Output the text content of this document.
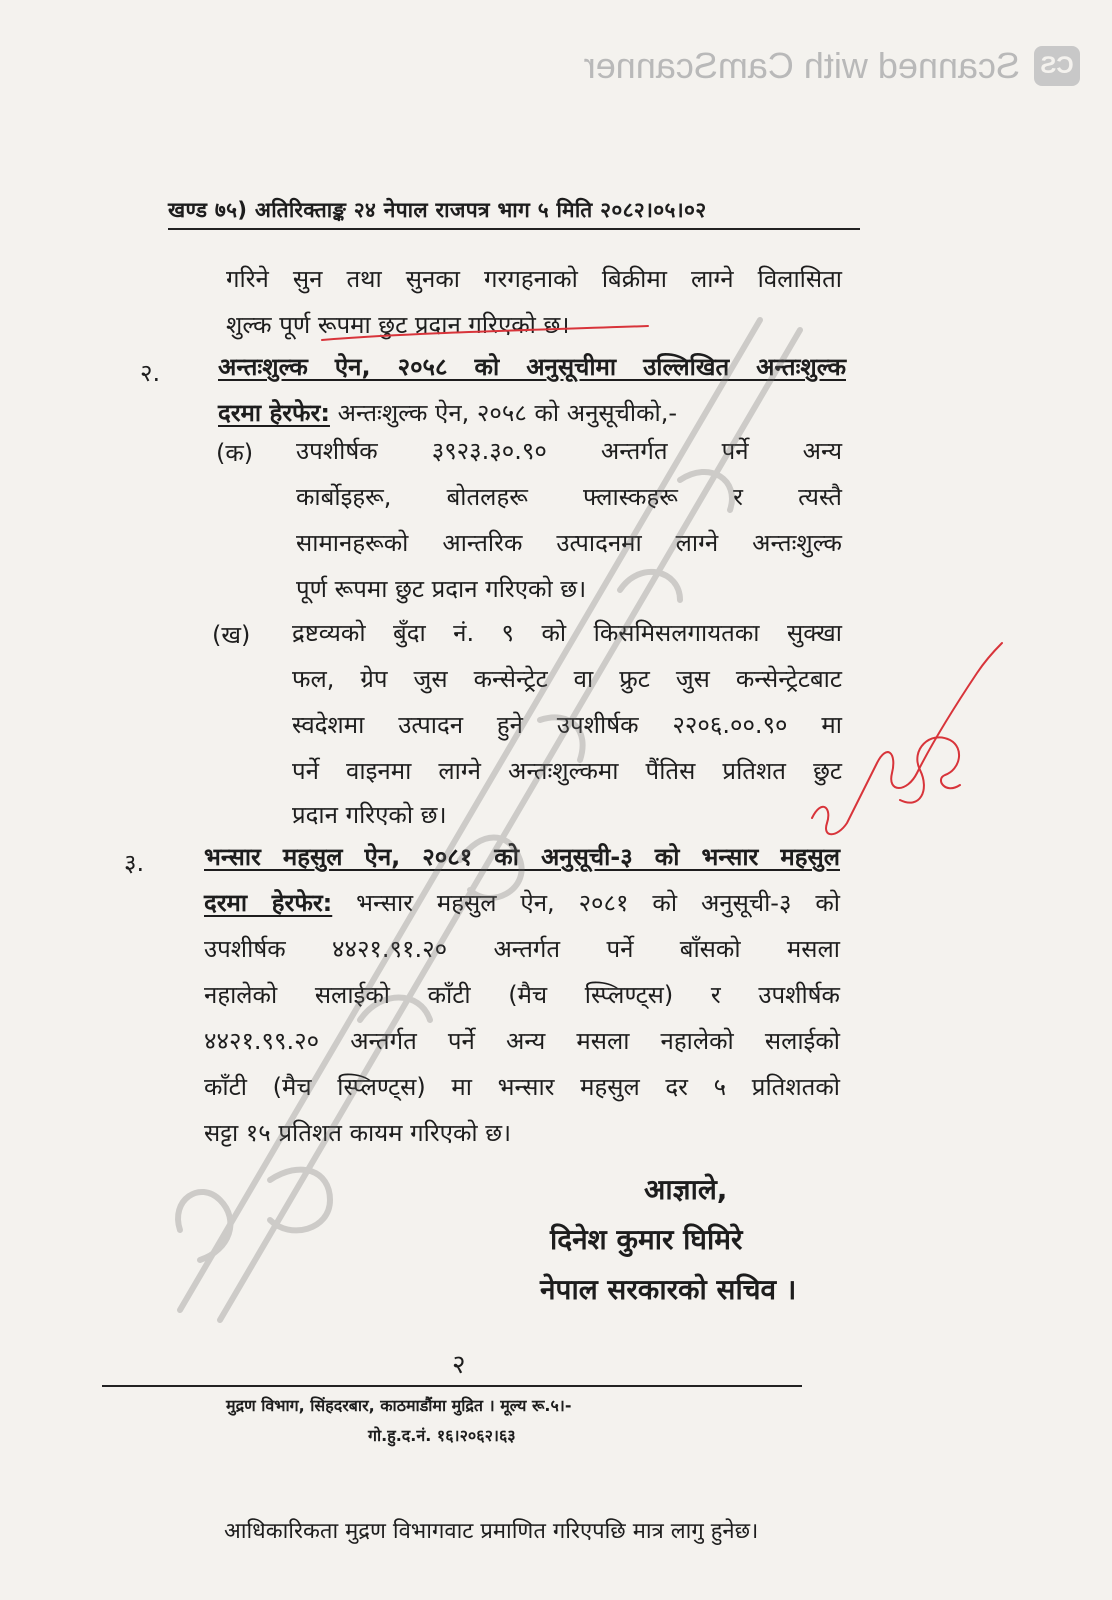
CS
Scanned with CamScanner
खण्ड ७५) अतिरिक्ताङ्क २४ नेपाल राजपत्र भाग ५ मिति २०८२।०५।०२
गरिने सुन तथा सुनका गरगहनाको बिक्रीमा लाग्ने विलासिता
शुल्क पूर्ण रूपमा छुट प्रदान गरिएको छ।
२. अन्तःशुल्क ऐन, २०५८ को अनुसूचीमा उल्लिखित अन्तःशुल्क
दरमा हेरफेर: अन्तःशुल्क ऐन, २०५८ को अनुसूचीको,-
(क) उपशीर्षक ३९२३.३०.९० अन्तर्गत पर्ने अन्य
कार्बोइहरू, बोतलहरू फ्लास्कहरू र त्यस्तै
सामानहरूको आन्तरिक उत्पादनमा लाग्ने अन्तःशुल्क
पूर्ण रूपमा छुट प्रदान गरिएको छ।
(ख) द्रष्टव्यको बुँदा नं. ९ को किसमिसलगायतका सुक्खा
फल, ग्रेप जुस कन्सेन्ट्रेट वा फ्रुट जुस कन्सेन्ट्रेटबाट
स्वदेशमा उत्पादन हुने उपशीर्षक २२०६.००.९० मा
पर्ने वाइनमा लाग्ने अन्तःशुल्कमा पैंतिस प्रतिशत छुट
प्रदान गरिएको छ।
३. भन्सार महसुल ऐन, २०८१ को अनुसूची-३ को भन्सार महसुल
दरमा हेरफेर: भन्सार महसुल ऐन, २०८१ को अनुसूची-३ को
उपशीर्षक ४४२१.९१.२० अन्तर्गत पर्ने बाँसको मसला
नहालेको सलाईको काँटी (मैच स्प्लिण्ट्स) र उपशीर्षक
४४२१.९९.२० अन्तर्गत पर्ने अन्य मसला नहालेको सलाईको
काँटी (मैच स्प्लिण्ट्स) मा भन्सार महसुल दर ५ प्रतिशतको
सट्टा १५ प्रतिशत कायम गरिएको छ।
आज्ञाले,
दिनेश कुमार घिमिरे
नेपाल सरकारको सचिव ।
२
मुद्रण विभाग, सिंहदरबार, काठमाडौंमा मुद्रित । मूल्य रू.५।-
गो.हु.द.नं. १६।२०६२।६३
आधिकारिकता मुद्रण विभागवाट प्रमाणित गरिएपछि मात्र लागु हुनेछ।
